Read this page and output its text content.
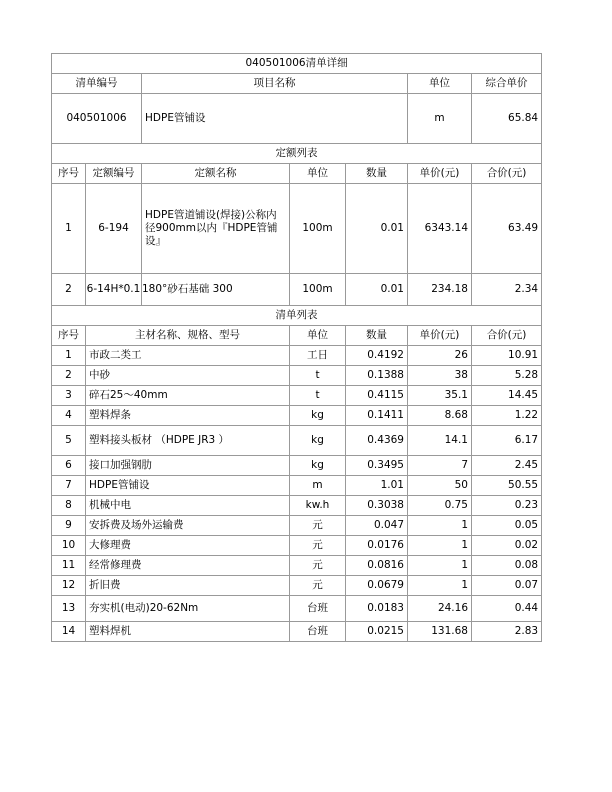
040501006清单详细						
清单编号		项目名称			单位	综合单价
040501006		HDPE管铺设			m	65.84
定额列表						
序号	定额编号	定额名称	单位	数量	单价(元)	合价(元)
1	6-194	HDPE管道铺设(焊接)公称内径900mm以内『HDPE管铺设』	100m	0.01	6343.14	63.49
2	6-14H*0.1	180°砂石基础 300	100m	0.01	234.18	2.34
清单列表						
序号	主材名称、规格、型号		单位	数量	单价(元)	合价(元)
1	市政二类工		工日	0.4192	26	10.91
2	中砂		t	0.1388	38	5.28
3	碎石25～40mm		t	0.4115	35.1	14.45
4	塑料焊条		kg	0.1411	8.68	1.22
5	塑料接头板材 （HDPE JR3 ）		kg	0.4369	14.1	6.17
6	接口加强钢肋		kg	0.3495	7	2.45
7	HDPE管铺设		m	1.01	50	50.55
8	机械中电		kw.h	0.3038	0.75	0.23
9	安拆费及场外运输费		元	0.047	1	0.05
10	大修理费		元	0.0176	1	0.02
11	经常修理费		元	0.0816	1	0.08
12	折旧费		元	0.0679	1	0.07
13	夯实机(电动)20-62Nm		台班	0.0183	24.16	0.44
14	塑料焊机		台班	0.0215	131.68	2.83
